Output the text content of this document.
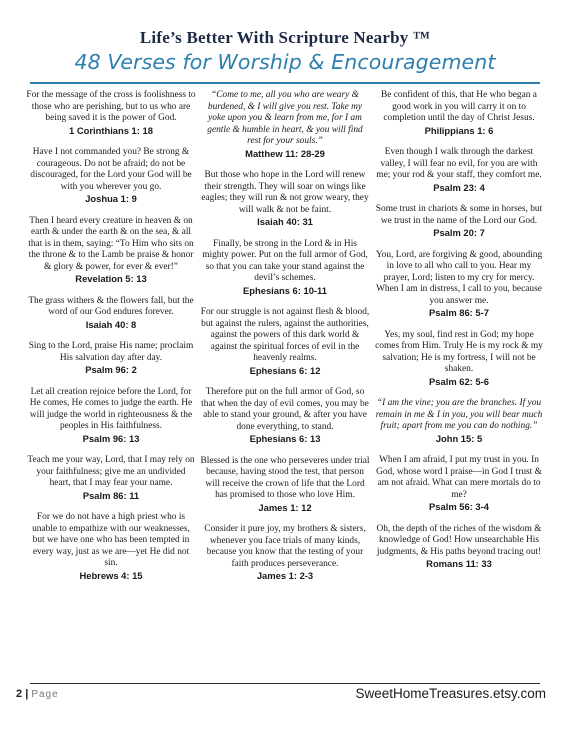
Life’s Better With Scripture Nearby ™
48 Verses for Worship & Encouragement
For the message of the cross is foolishness to those who are perishing, but to us who are being saved it is the power of God.
1 Corinthians 1: 18
Have I not commanded you? Be strong & courageous. Do not be afraid; do not be discouraged, for the Lord your God will be with you wherever you go.
Joshua 1: 9
Then I heard every creature in heaven & on earth & under the earth & on the sea, & all that is in them, saying: “To Him who sits on the throne & to the Lamb be praise & honor & glory & power, for ever & ever!”
Revelation 5: 13
The grass withers & the flowers fall, but the word of our God endures forever.
Isaiah 40: 8
Sing to the Lord, praise His name; proclaim His salvation day after day.
Psalm 96: 2
Let all creation rejoice before the Lord, for He comes, He comes to judge the earth. He will judge the world in righteousness & the peoples in His faithfulness.
Psalm 96: 13
Teach me your way, Lord, that I may rely on your faithfulness; give me an undivided heart, that I may fear your name.
Psalm 86: 11
For we do not have a high priest who is unable to empathize with our weaknesses, but we have one who has been tempted in every way, just as we are—yet He did not sin.
Hebrews 4: 15
“Come to me, all you who are weary & burdened, & I will give you rest. Take my yoke upon you & learn from me, for I am gentle & humble in heart, & you will find rest for your souls.”
Matthew 11: 28-29
But those who hope in the Lord will renew their strength. They will soar on wings like eagles; they will run & not grow weary, they will walk & not be faint.
Isaiah 40: 31
Finally, be strong in the Lord & in His mighty power. Put on the full armor of God, so that you can take your stand against the devil’s schemes.
Ephesians 6: 10-11
For our struggle is not against flesh & blood, but against the rulers, against the authorities, against the powers of this dark world & against the spiritual forces of evil in the heavenly realms.
Ephesians 6: 12
Therefore put on the full armor of God, so that when the day of evil comes, you may be able to stand your ground, & after you have done everything, to stand.
Ephesians 6: 13
Blessed is the one who perseveres under trial because, having stood the test, that person will receive the crown of life that the Lord has promised to those who love Him.
James 1: 12
Consider it pure joy, my brothers & sisters, whenever you face trials of many kinds, because you know that the testing of your faith produces perseverance.
James 1: 2-3
Be confident of this, that He who began a good work in you will carry it on to completion until the day of Christ Jesus.
Philippians 1: 6
Even though I walk through the darkest valley, I will fear no evil, for you are with me; your rod & your staff, they comfort me.
Psalm 23: 4
Some trust in chariots & some in horses, but we trust in the name of the Lord our God.
Psalm 20: 7
You, Lord, are forgiving & good, abounding in love to all who call to you. Hear my prayer, Lord; listen to my cry for mercy. When I am in distress, I call to you, because you answer me.
Psalm 86: 5-7
Yes, my soul, find rest in God; my hope comes from Him. Truly He is my rock & my salvation; He is my fortress, I will not be shaken.
Psalm 62: 5-6
“I am the vine; you are the branches. If you remain in me & I in you, you will bear much fruit; apart from me you can do nothing.”
John 15: 5
When I am afraid, I put my trust in you. In God, whose word I praise—in God I trust & am not afraid. What can mere mortals do to me?
Psalm 56: 3-4
Oh, the depth of the riches of the wisdom & knowledge of God! How unsearchable His judgments, & His paths beyond tracing out!
Romans 11: 33
2 | Page	SweetHomeTreasures.etsy.com
